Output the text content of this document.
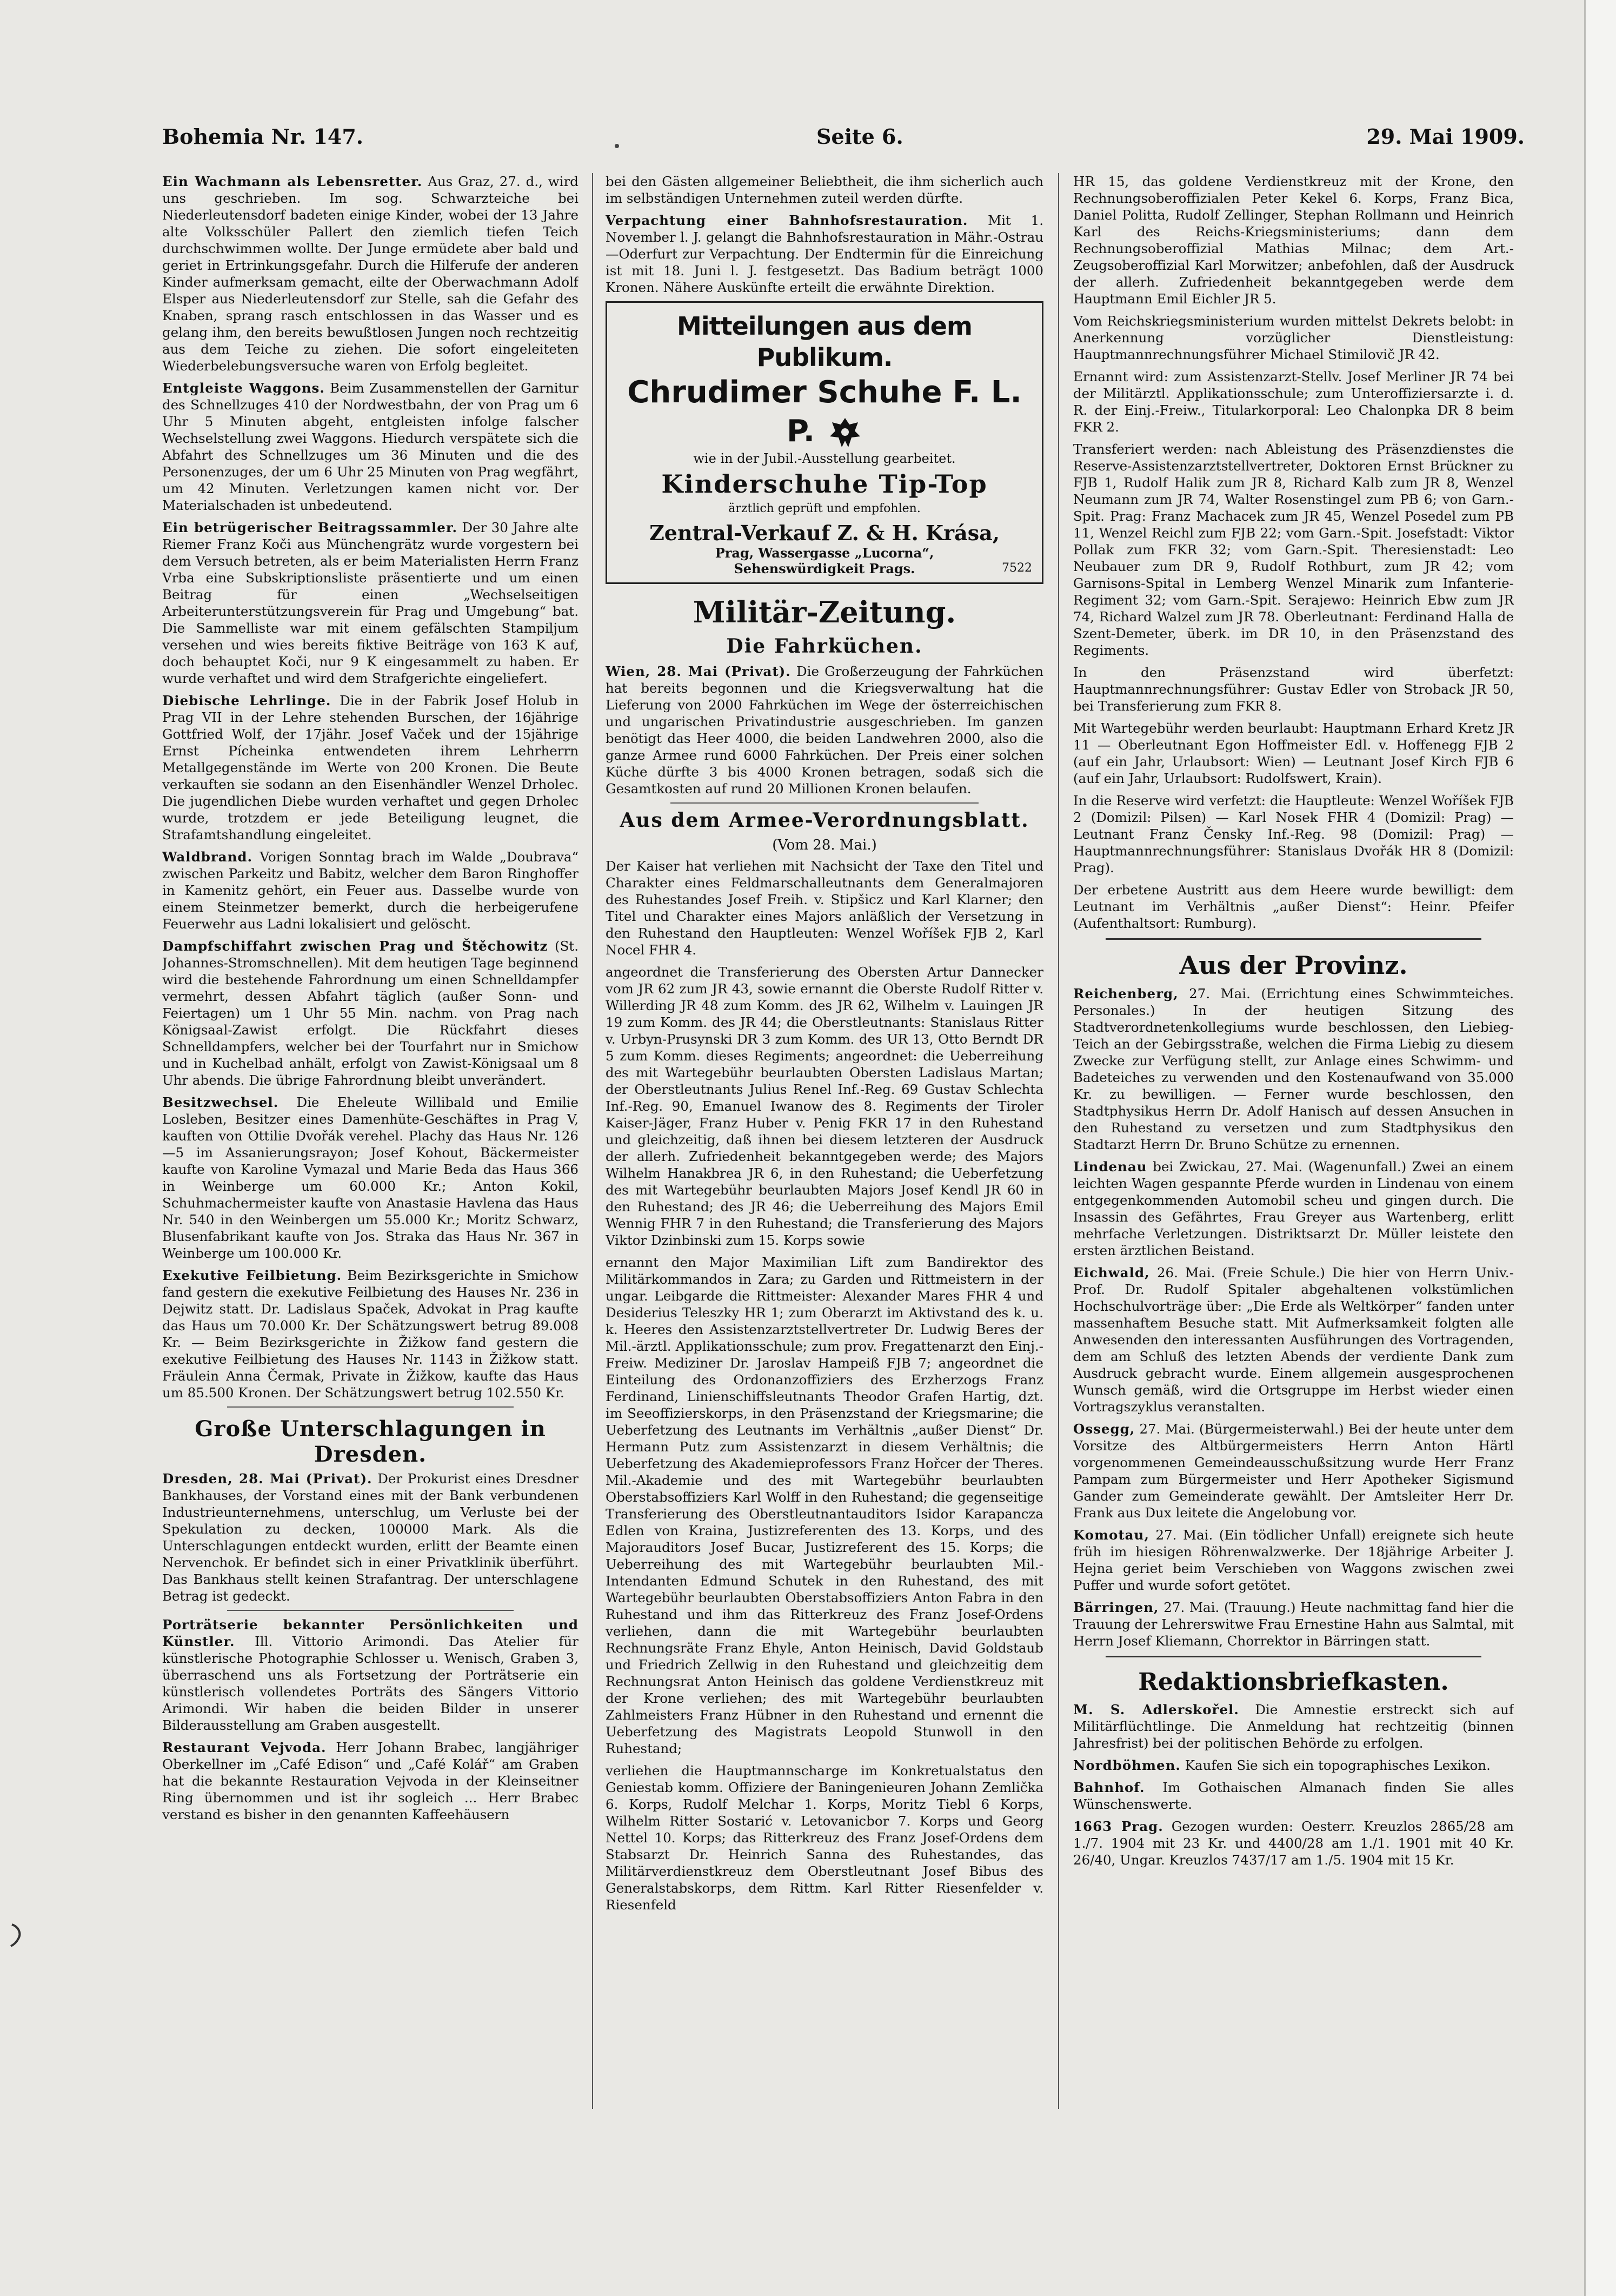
Bohemia Nr. 147.	Seite 6.	29. Mai 1909.

Ein Wachmann als Lebensretter. Aus Graz, 27. d., wird uns geschrieben. Im sog. Schwarzteiche bei Niederleutensdorf badeten einige Kinder, wobei der 13 Jahre alte Volksschüler Pallert den ziemlich tiefen Teich durchschwimmen wollte. Der Junge ermüdete aber bald und geriet in Ertrinkungsgefahr. Durch die Hilferufe der anderen Kinder aufmerksam gemacht, eilte der Oberwachmann Adolf Elsper aus Niederleutensdorf zur Stelle, sah die Gefahr des Knaben, sprang rasch entschlossen in das Wasser und es gelang ihm, den bereits bewußtlosen Jungen noch rechtzeitig aus dem Teiche zu ziehen. Die sofort eingeleiteten Wiederbelebungsversuche waren von Erfolg begleitet.

Entgleiste Waggons. Beim Zusammenstellen der Garnitur des Schnellzuges 410 der Nordwestbahn, der von Prag um 6 Uhr 5 Minuten abgeht, entgleisten infolge falscher Wechselstellung zwei Waggons. Hiedurch verspätete sich die Abfahrt des Schnellzuges um 36 Minuten und die des Personenzuges, der um 6 Uhr 25 Minuten von Prag wegfährt, um 42 Minuten. Verletzungen kamen nicht vor. Der Materialschaden ist unbedeutend.

Ein betrügerischer Beitragssammler. Der 30 Jahre alte Riemer Franz Koči aus Münchengrätz wurde vorgestern bei dem Versuch betreten, als er beim Materialisten Herrn Franz Vrba eine Subskriptionsliste präsentierte und um einen Beitrag für einen „Wechselseitigen Arbeiterunterstützungsverein für Prag und Umgebung“ bat. Die Sammelliste war mit einem gefälschten Stampiljum versehen und wies bereits fiktive Beiträge von 163 K auf, doch behauptet Koči, nur 9 K eingesammelt zu haben. Er wurde verhaftet und wird dem Strafgerichte eingeliefert.

Diebische Lehrlinge. Die in der Fabrik Josef Holub in Prag VII in der Lehre stehenden Burschen, der 16jährige Gottfried Wolf, der 17jähr. Josef Vaček und der 15jährige Ernst Pícheinka entwendeten ihrem Lehrherrn Metallgegenstände im Werte von 200 Kronen. Die Beute verkauften sie sodann an den Eisenhändler Wenzel Drholec. Die jugendlichen Diebe wurden verhaftet und gegen Drholec wurde, trotzdem er jede Beteiligung leugnet, die Strafamtshandlung eingeleitet.

Waldbrand. Vorigen Sonntag brach im Walde „Doubrava“ zwischen Parkeitz und Babitz, welcher dem Baron Ringhoffer in Kamenitz gehört, ein Feuer aus. Dasselbe wurde von einem Steinmetzer bemerkt, durch die herbeigerufene Feuerwehr aus Ladni lokalisiert und gelöscht.

Dampfschiffahrt zwischen Prag und Štěchowitz (St. Johannes-Stromschnellen). Mit dem heutigen Tage beginnend wird die bestehende Fahrordnung um einen Schnelldampfer vermehrt, dessen Abfahrt täglich (außer Sonn- und Feiertagen) um 1 Uhr 55 Min. nachm. von Prag nach Königsaal-Zawist erfolgt. Die Rückfahrt dieses Schnelldampfers, welcher bei der Tourfahrt nur in Smichow und in Kuchelbad anhält, erfolgt von Zawist-Königsaal um 8 Uhr abends. Die übrige Fahrordnung bleibt unverändert.

Besitzwechsel. Die Eheleute Willibald und Emilie Losleben, Besitzer eines Damenhüte-Geschäftes in Prag V, kauften von Ottilie Dvořák verehel. Plachy das Haus Nr. 126—5 im Assanierungsrayon; Josef Kohout, Bäckermeister kaufte von Karoline Vymazal und Marie Beda das Haus 366 in Weinberge um 60.000 Kr.; Anton Kokil, Schuhmachermeister kaufte von Anastasie Havlena das Haus Nr. 540 in den Weinbergen um 55.000 Kr.; Moritz Schwarz, Blusenfabrikant kaufte von Jos. Straka das Haus Nr. 367 in Weinberge um 100.000 Kr.

Exekutive Feilbietung. Beim Bezirksgerichte in Smichow fand gestern die exekutive Feilbietung des Hauses Nr. 236 in Dejwitz statt. Dr. Ladislaus Spaček, Advokat in Prag kaufte das Haus um 70.000 Kr. Der Schätzungswert betrug 89.008 Kr. — Beim Bezirksgerichte in Žižkow fand gestern die exekutive Feilbietung des Hauses Nr. 1143 in Žižkow statt. Fräulein Anna Čermak, Private in Žižkow, kaufte das Haus um 85.500 Kronen. Der Schätzungswert betrug 102.550 Kr.

Große Unterschlagungen in Dresden.

Dresden, 28. Mai (Privat). Der Prokurist eines Dresdner Bankhauses, der Vorstand eines mit der Bank verbundenen Industrieunternehmens, unterschlug, um Verluste bei der Spekulation zu decken, 100000 Mark. Als die Unterschlagungen entdeckt wurden, erlitt der Beamte einen Nervenchok. Er befindet sich in einer Privatklinik überführt. Das Bankhaus stellt keinen Strafantrag. Der unterschlagene Betrag ist gedeckt.

Porträtserie bekannter Persönlichkeiten und Künstler. Ill. Vittorio Arimondi. Das Atelier für künstlerische Photographie Schlosser u. Wenisch, Graben 3, überraschend uns als Fortsetzung der Porträtserie ein künstlerisch vollendetes Porträts des Sängers Vittorio Arimondi. Wir haben die beiden Bilder in unserer Bilderausstellung am Graben ausgestellt.

Restaurant Vejvoda. Herr Johann Brabec, langjähriger Oberkellner im „Café Edison“ und „Café Kolář“ am Graben hat die bekannte Restauration Vejvoda in der Kleinseitner Ring übernommen und ist ihr sogleich ... Herr Brabec verstand es bisher in den genannten Kaffeehäusern

bei den Gästen allgemeiner Beliebtheit, die ihm sicherlich auch im selbständigen Unternehmen zuteil werden dürfte.

Verpachtung einer Bahnhofsrestauration. Mit 1. November l. J. gelangt die Bahnhofsrestauration in Mähr.-Ostrau—Oderfurt zur Verpachtung. Der Endtermin für die Einreichung ist mit 18. Juni l. J. festgesetzt. Das Badium beträgt 1000 Kronen. Nähere Auskünfte erteilt die erwähnte Direktion.

Mitteilungen aus dem Publikum.
Chrudimer Schuhe F. L. P.
wie in der Jubil.-Ausstellung gearbeitet.
Kinderschuhe Tip-Top
ärztlich geprüft und empfohlen.
Zentral-Verkauf Z. & H. Krása,
Prag, Wassergasse „Lucorna“,
Sehenswürdigkeit Prags.	7522
Militär-Zeitung.
Die Fahrküchen.

Wien, 28. Mai (Privat). Die Großerzeugung der Fahrküchen hat bereits begonnen und die Kriegsverwaltung hat die Lieferung von 2000 Fahrküchen im Wege der österreichischen und ungarischen Privatindustrie ausgeschrieben. Im ganzen benötigt das Heer 4000, die beiden Landwehren 2000, also die ganze Armee rund 6000 Fahrküchen. Der Preis einer solchen Küche dürfte 3 bis 4000 Kronen betragen, sodaß sich die Gesamtkosten auf rund 20 Millionen Kronen belaufen.

Aus dem Armee-Verordnungsblatt.
(Vom 28. Mai.)

Der Kaiser hat verliehen mit Nachsicht der Taxe den Titel und Charakter eines Feldmarschalleutnants dem Generalmajoren des Ruhestandes Josef Freih. v. Stipšicz und Karl Klarner; den Titel und Charakter eines Majors anläßlich der Versetzung in den Ruhestand den Hauptleuten: Wenzel Woříšek FJB 2, Karl Nocel FHR 4.

angeordnet die Transferierung des Obersten Artur Dannecker vom JR 62 zum JR 43, sowie ernannt die Oberste Rudolf Ritter v. Willerding JR 48 zum Komm. des JR 62, Wilhelm v. Lauingen JR 19 zum Komm. des JR 44; die Oberstleutnants: Stanislaus Ritter v. Urbyn-Prusynski DR 3 zum Komm. des UR 13, Otto Berndt DR 5 zum Komm. dieses Regiments; angeordnet: die Ueberreihung des mit Wartegebühr beurlaubten Obersten Ladislaus Martan; der Oberstleutnants Julius Renel Inf.-Reg. 69 Gustav Schlechta Inf.-Reg. 90, Emanuel Iwanow des 8. Regiments der Tiroler Kaiser-Jäger, Franz Huber v. Penig FKR 17 in den Ruhestand und gleichzeitig, daß ihnen bei diesem letzteren der Ausdruck der allerh. Zufriedenheit bekanntgegeben werde; des Majors Wilhelm Hanakbrea JR 6, in den Ruhestand; die Ueberfetzung des mit Wartegebühr beurlaubten Majors Josef Kendl JR 60 in den Ruhestand; des JR 46; die Ueberreihung des Majors Emil Wennig FHR 7 in den Ruhestand; die Transferierung des Majors Viktor Dzinbinski zum 15. Korps sowie

ernannt den Major Maximilian Lift zum Bandirektor des Militärkommandos in Zara; zu Garden und Rittmeistern in der ungar. Leibgarde die Rittmeister: Alexander Mares FHR 4 und Desiderius Teleszky HR 1; zum Oberarzt im Aktivstand des k. u. k. Heeres den Assistenzarztstellvertreter Dr. Ludwig Beres der Mil.-ärztl. Applikationsschule; zum prov. Fregattenarzt den Einj.-Freiw. Mediziner Dr. Jaroslav Hampeiß FJB 7; angeordnet die Einteilung des Ordonanzoffiziers des Erzherzogs Franz Ferdinand, Linienschiffsleutnants Theodor Grafen Hartig, dzt. im Seeoffizierskorps, in den Präsenzstand der Kriegsmarine; die Ueberfetzung des Leutnants im Verhältnis „außer Dienst“ Dr. Hermann Putz zum Assistenzarzt in diesem Verhältnis; die Ueberfetzung des Akademieprofessors Franz Hořcer der Theres. Mil.-Akademie und des mit Wartegebühr beurlaubten Oberstabsoffiziers Karl Wolff in den Ruhestand; die gegenseitige Transferierung des Oberstleutnantauditors Isidor Karapancza Edlen von Kraina, Justizreferenten des 13. Korps, und des Majorauditors Josef Bucar, Justizreferent des 15. Korps; die Ueberreihung des mit Wartegebühr beurlaubten Mil.-Intendanten Edmund Schutek in den Ruhestand, des mit Wartegebühr beurlaubten Oberstabsoffiziers Anton Fabra in den Ruhestand und ihm das Ritterkreuz des Franz Josef-Ordens verliehen, dann die mit Wartegebühr beurlaubten Rechnungsräte Franz Ehyle, Anton Heinisch, David Goldstaub und Friedrich Zellwig in den Ruhestand und gleichzeitig dem Rechnungsrat Anton Heinisch das goldene Verdienstkreuz mit der Krone verliehen; des mit Wartegebühr beurlaubten Zahlmeisters Franz Hübner in den Ruhestand und ernennt die Ueberfetzung des Magistrats Leopold Stunwoll in den Ruhestand;

verliehen die Hauptmannscharge im Konkretualstatus den Geniestab komm. Offiziere der Baningenieuren Johann Zemlička 6. Korps, Rudolf Melchar 1. Korps, Moritz Tiebl 6 Korps, Wilhelm Ritter Sostarić v. Letovanicbor 7. Korps und Georg Nettel 10. Korps; das Ritterkreuz des Franz Josef-Ordens dem Stabsarzt Dr. Heinrich Sanna des Ruhestandes, das Militärverdienstkreuz dem Oberstleutnant Josef Bibus des Generalstabskorps, dem Rittm. Karl Ritter Riesenfelder v. Riesenfeld

HR 15, das goldene Verdienstkreuz mit der Krone, den Rechnungsoberoffizialen Peter Kekel 6. Korps, Franz Bica, Daniel Politta, Rudolf Zellinger, Stephan Rollmann und Heinrich Karl des Reichs-Kriegsministeriums; dann dem Rechnungsoberoffizial Mathias Milnac; dem Art.-Zeugsoberoffizial Karl Morwitzer; anbefohlen, daß der Ausdruck der allerh. Zufriedenheit bekanntgegeben werde dem Hauptmann Emil Eichler JR 5.

Vom Reichskriegsministerium wurden mittelst Dekrets belobt: in Anerkennung vorzüglicher Dienstleistung: Hauptmannrechnungsführer Michael Stimilovič JR 42.

Ernannt wird: zum Assistenzarzt-Stellv. Josef Merliner JR 74 bei der Militärztl. Applikationsschule; zum Unteroffiziersarzte i. d. R. der Einj.-Freiw., Titularkorporal: Leo Chalonpka DR 8 beim FKR 2.

Transferiert werden: nach Ableistung des Präsenzdienstes die Reserve-Assistenzarztstellvertreter, Doktoren Ernst Brückner zu FJB 1, Rudolf Halik zum JR 8, Richard Kalb zum JR 8, Wenzel Neumann zum JR 74, Walter Rosenstingel zum PB 6; von Garn.-Spit. Prag: Franz Machacek zum JR 45, Wenzel Posedel zum PB 11, Wenzel Reichl zum FJB 22; vom Garn.-Spit. Josefstadt: Viktor Pollak zum FKR 32; vom Garn.-Spit. Theresienstadt: Leo Neubauer zum DR 9, Rudolf Rothburt, zum JR 42; vom Garnisons-Spital in Lemberg Wenzel Minarik zum Infanterie-Regiment 32; vom Garn.-Spit. Serajewo: Heinrich Ebw zum JR 74, Richard Walzel zum JR 78. Oberleutnant: Ferdinand Halla de Szent-Demeter, überk. im DR 10, in den Präsenzstand des Regiments.

In den Präsenzstand wird überfetzt: Hauptmannrechnungsführer: Gustav Edler von Stroback JR 50, bei Transferierung zum FKR 8.

Mit Wartegebühr werden beurlaubt: Hauptmann Erhard Kretz JR 11 — Oberleutnant Egon Hoffmeister Edl. v. Hoffenegg FJB 2 (auf ein Jahr, Urlaubsort: Wien) — Leutnant Josef Kirch FJB 6 (auf ein Jahr, Urlaubsort: Rudolfswert, Krain).

In die Reserve wird verfetzt: die Hauptleute: Wenzel Woříšek FJB 2 (Domizil: Pilsen) — Karl Nosek FHR 4 (Domizil: Prag) — Leutnant Franz Čensky Inf.-Reg. 98 (Domizil: Prag) — Hauptmannrechnungsführer: Stanislaus Dvořák HR 8 (Domizil: Prag).

Der erbetene Austritt aus dem Heere wurde bewilligt: dem Leutnant im Verhältnis „außer Dienst“: Heinr. Pfeifer (Aufenthaltsort: Rumburg).

Aus der Provinz.

Reichenberg, 27. Mai. (Errichtung eines Schwimmteiches. Personales.) In der heutigen Sitzung des Stadtverordnetenkollegiums wurde beschlossen, den Liebieg-Teich an der Gebirgsstraße, welchen die Firma Liebig zu diesem Zwecke zur Verfügung stellt, zur Anlage eines Schwimm- und Badeteiches zu verwenden und den Kostenaufwand von 35.000 Kr. zu bewilligen. — Ferner wurde beschlossen, den Stadtphysikus Herrn Dr. Adolf Hanisch auf dessen Ansuchen in den Ruhestand zu versetzen und zum Stadtphysikus den Stadtarzt Herrn Dr. Bruno Schütze zu ernennen.

Lindenau bei Zwickau, 27. Mai. (Wagenunfall.) Zwei an einem leichten Wagen gespannte Pferde wurden in Lindenau von einem entgegenkommenden Automobil scheu und gingen durch. Die Insassin des Gefährtes, Frau Greyer aus Wartenberg, erlitt mehrfache Verletzungen. Distriktsarzt Dr. Müller leistete den ersten ärztlichen Beistand.

Eichwald, 26. Mai. (Freie Schule.) Die hier von Herrn Univ.-Prof. Dr. Rudolf Spitaler abgehaltenen volkstümlichen Hochschulvorträge über: „Die Erde als Weltkörper“ fanden unter massenhaftem Besuche statt. Mit Aufmerksamkeit folgten alle Anwesenden den interessanten Ausführungen des Vortragenden, dem am Schluß des letzten Abends der verdiente Dank zum Ausdruck gebracht wurde. Einem allgemein ausgesprochenen Wunsch gemäß, wird die Ortsgruppe im Herbst wieder einen Vortragszyklus veranstalten.

Ossegg, 27. Mai. (Bürgermeisterwahl.) Bei der heute unter dem Vorsitze des Altbürgermeisters Herrn Anton Härtl vorgenommenen Gemeindeausschußsitzung wurde Herr Franz Pampam zum Bürgermeister und Herr Apotheker Sigismund Gander zum Gemeinderate gewählt. Der Amtsleiter Herr Dr. Frank aus Dux leitete die Angelobung vor.

Komotau, 27. Mai. (Ein tödlicher Unfall) ereignete sich heute früh im hiesigen Röhrenwalzwerke. Der 18jährige Arbeiter J. Hejna geriet beim Verschieben von Waggons zwischen zwei Puffer und wurde sofort getötet.

Bärringen, 27. Mai. (Trauung.) Heute nachmittag fand hier die Trauung der Lehrerswitwe Frau Ernestine Hahn aus Salmtal, mit Herrn Josef Kliemann, Chorrektor in Bärringen statt.

Redaktionsbriefkasten.

M. S. Adlerskořel. Die Amnestie erstreckt sich auf Militärflüchtlinge. Die Anmeldung hat rechtzeitig (binnen Jahresfrist) bei der politischen Behörde zu erfolgen.

Nordböhmen. Kaufen Sie sich ein topographisches Lexikon.

Bahnhof. Im Gothaischen Almanach finden Sie alles Wünschenswerte.

1663 Prag. Gezogen wurden: Oesterr. Kreuzlos 2865/28 am 1./7. 1904 mit 23 Kr. und 4400/28 am 1./1. 1901 mit 40 Kr. 26/40, Ungar. Kreuzlos 7437/17 am 1./5. 1904 mit 15 Kr.
